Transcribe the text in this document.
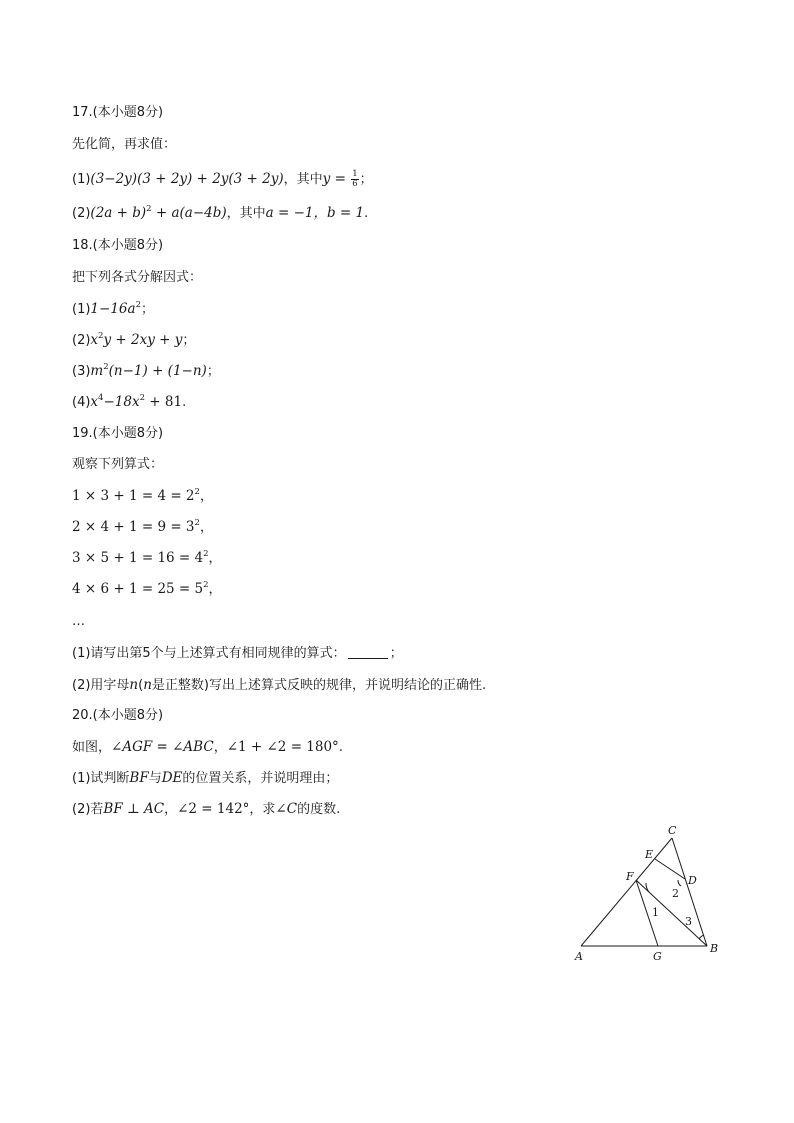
17.(本小题8分)
先化简，再求值：
(1)(3−2y)(3 + 2y) + 2y(3 + 2y)，其中$y = \frac{1}{6}$ ；
$(2)(2a + b)^2 + a(a-4b)$，其中a = −1，b = 1.
18.(本小题8分)
把下列各式分解因式：
$(1)1-16a^2$；
$(2)x^2y + 2xy + y$；
$(3)m^2(n-1) + (1-n)$；
$(4)x^4-18x^2 + 81$.
19.(本小题8分)
观察下列算式：
$1 \times 3 + 1 = 4 = 2^2$，
$2 \times 4 + 1 = 9 = 3^2$，
$3 \times 5 + 1 = 16 = 4^2$，
$4 \times 6 + 1 = 25 = 5^2$，
…
(1)请写出第5个与上述算式有相同规律的算式：	；
(2)用字母n(n是正整数)写出上述算式反映的规律，并说明结论的正确性.
20.(本小题8分)
如图，∠AGF = ∠ABC，∠1 + ∠2 = 180°.
(1)试判断BF与DE的位置关系，并说明理由；
(2)若BF ⊥ AC，∠2 = 142°，求∠C的度数.
C
E
D
F
2
1
3
B
A	G
